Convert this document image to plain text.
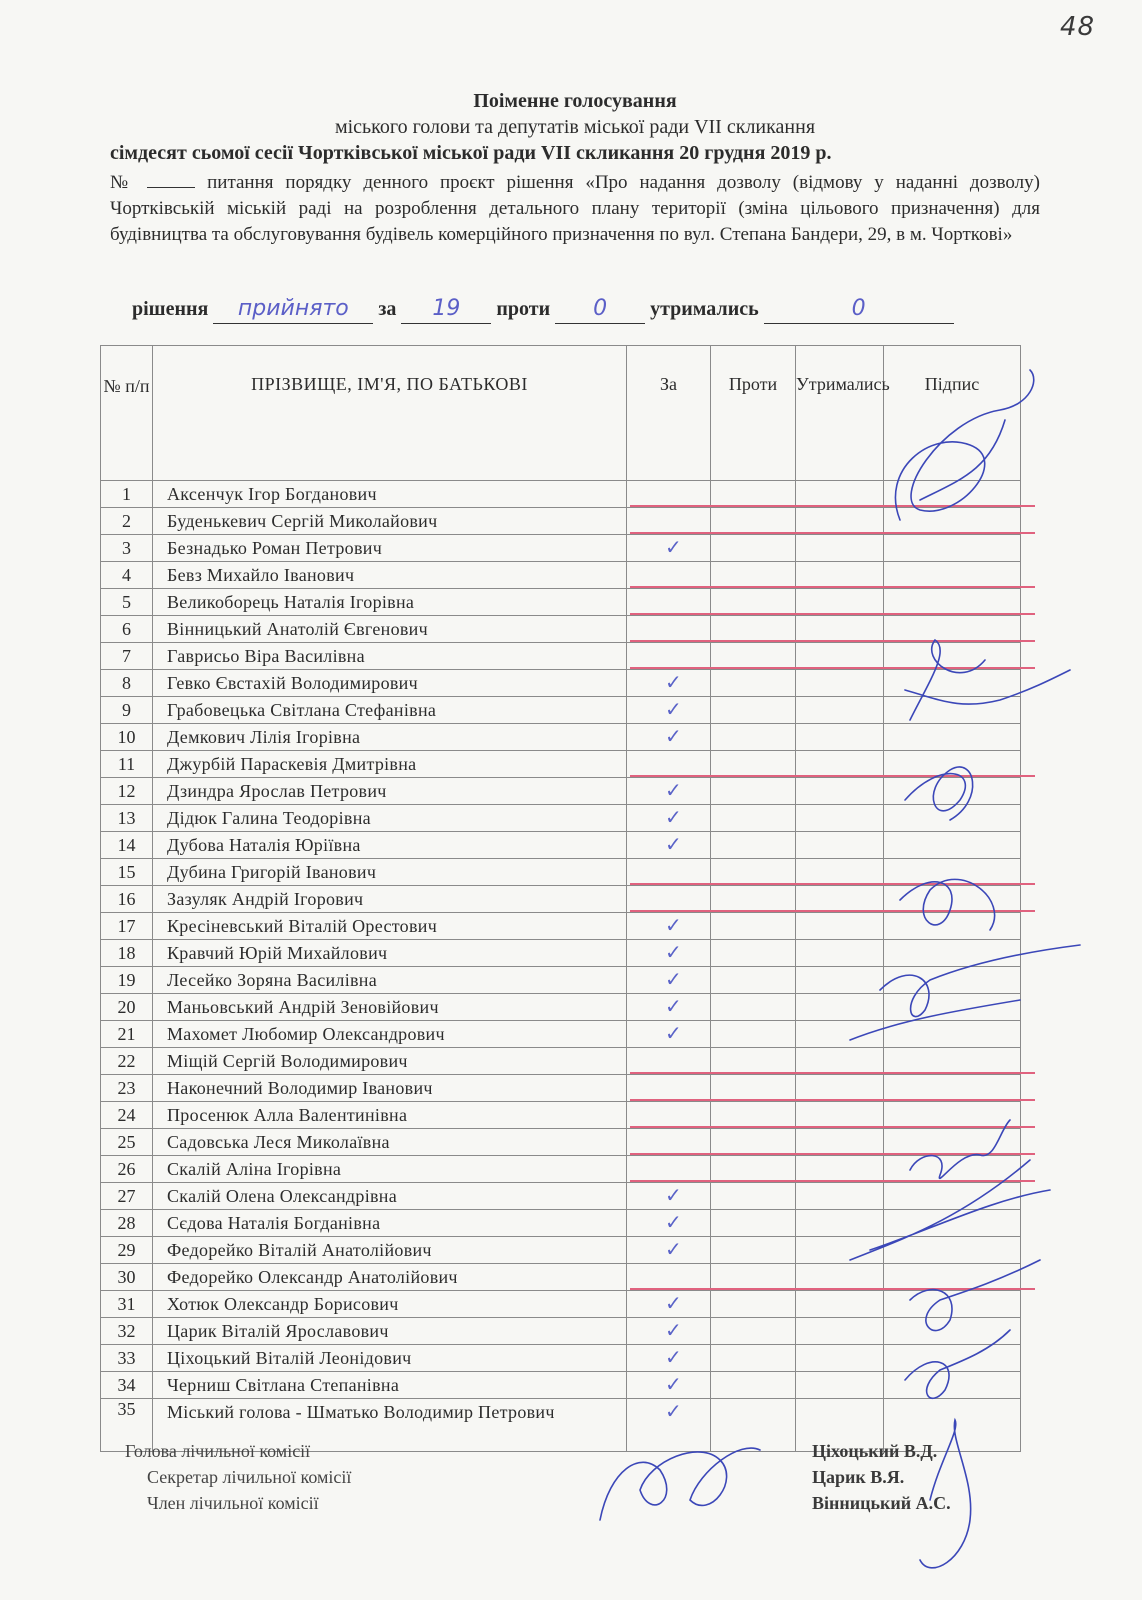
48
Поіменне голосування
міського голови та депутатів міської ради VII скликання
сімдесят сьомої сесії Чортківської міської ради VII скликання 20 грудня 2019 р.
№	питання порядку денного проєкт рішення «Про надання дозволу (відмову у наданні дозволу) Чортківській міській раді на розроблення детального плану території (зміна цільового призначення) для будівництва та обслуговування будівель комерційного призначення по вул. Степана Бандери, 29, в м. Чорткові»
рішення прийнято за 19 проти 0 утримались	0
№ п/п	ПРІЗВИЩЕ, ІМ'Я, ПО БАТЬКОВІ	За	Проти	Утримались	Підпис
1	Аксенчук Ігор Богданович				
2	Буденькевич Сергій Миколайович				
3	Безнадько Роман Петрович	✓			

4	Бевз Михайло Іванович				
5	Великоборець Наталія Ігорівна				
6	Вінницький Анатолій Євгенович				
7	Гаврисьо Віра Василівна				
8	Гевко Євстахій Володимирович	✓			

9	Грабовецька Світлана Стефанівна	✓			

10	Демкович Лілія Ігорівна	✓			

11	Джурбій Параскевія Дмитрівна				
12	Дзиндра Ярослав Петрович	✓			

13	Дідюк Галина Теодорівна	✓			

14	Дубова Наталія Юріївна	✓			

15	Дубина Григорій Іванович				
16	Зазуляк Андрій Ігорович				
17	Кресіневський Віталій Орестович	✓			

18	Кравчий Юрій Михайлович	✓			

19	Лесейко Зоряна Василівна	✓			

20	Маньовський Андрій Зеновійович	✓			

21	Махомет Любомир Олександрович	✓			

22	Міщій Сергій Володимирович				
23	Наконечний Володимир Іванович				
24	Просенюк Алла Валентинівна				
25	Садовська Леся Миколаївна				
26	Скалій Аліна Ігорівна				
27	Скалій Олена Олександрівна	✓			

28	Сєдова Наталія Богданівна	✓			

29	Федорейко Віталій Анатолійович	✓			

30	Федорейко Олександр Анатолійович				
31	Хотюк Олександр Борисович	✓			

32	Царик Віталій Ярославович	✓			

33	Ціхоцький Віталій Леонідович	✓			

34	Черниш Світлана Степанівна	✓			

35	Міський голова - Шматько Володимир Петрович	✓			

Голова лічильної комісії
Секретар лічильної комісії
Член лічильної комісії
Ціхоцький В.Д.
Царик В.Я.
Вінницький А.С.
